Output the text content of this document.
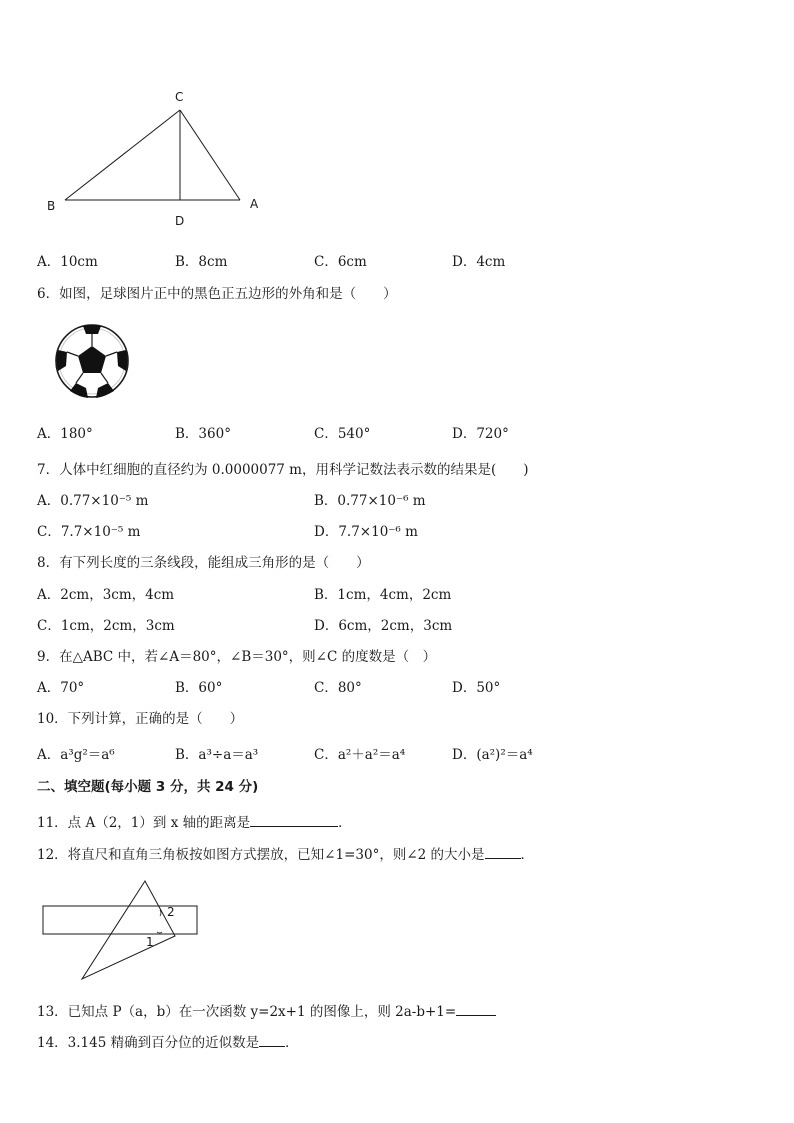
C
B
D
A
A．10cm	B．8cm	C．6cm	D．4cm
6．如图，足球图片正中的黑色正五边形的外角和是（　　）
A．180°	B．360°	C．540°	D．720°
7．人体中红细胞的直径约为 0.0000077 m，用科学记数法表示数的结果是(　　)
A．0.77×10⁻⁵ m	B．0.77×10⁻⁶ m
C．7.7×10⁻⁵ m	D．7.7×10⁻⁶ m
8．有下列长度的三条线段，能组成三角形的是（　　）
A．2cm，3cm，4cm	B．1cm，4cm，2cm
C．1cm，2cm，3cm	D．6cm，2cm，3cm
9．在△ABC 中，若∠A＝80°，∠B＝30°，则∠C 的度数是（　）
A．70°	B．60°	C．80°	D．50°
10．下列计算，正确的是（　　）
A．a³g²＝a⁶	B．a³÷a＝a³	C．a²＋a²＝a⁴	D．(a²)²＝a⁴
二、填空题(每小题 3 分，共 24 分)
11．点 A（2，1）到 x 轴的距离是	．
12．将直尺和直角三角板按如图方式摆放，已知∠1=30°，则∠2 的大小是	．
2
1
13．已知点 P（a，b）在一次函数 y=2x+1 的图像上，则 2a-b+1=
14．3.145 精确到百分位的近似数是 ．
